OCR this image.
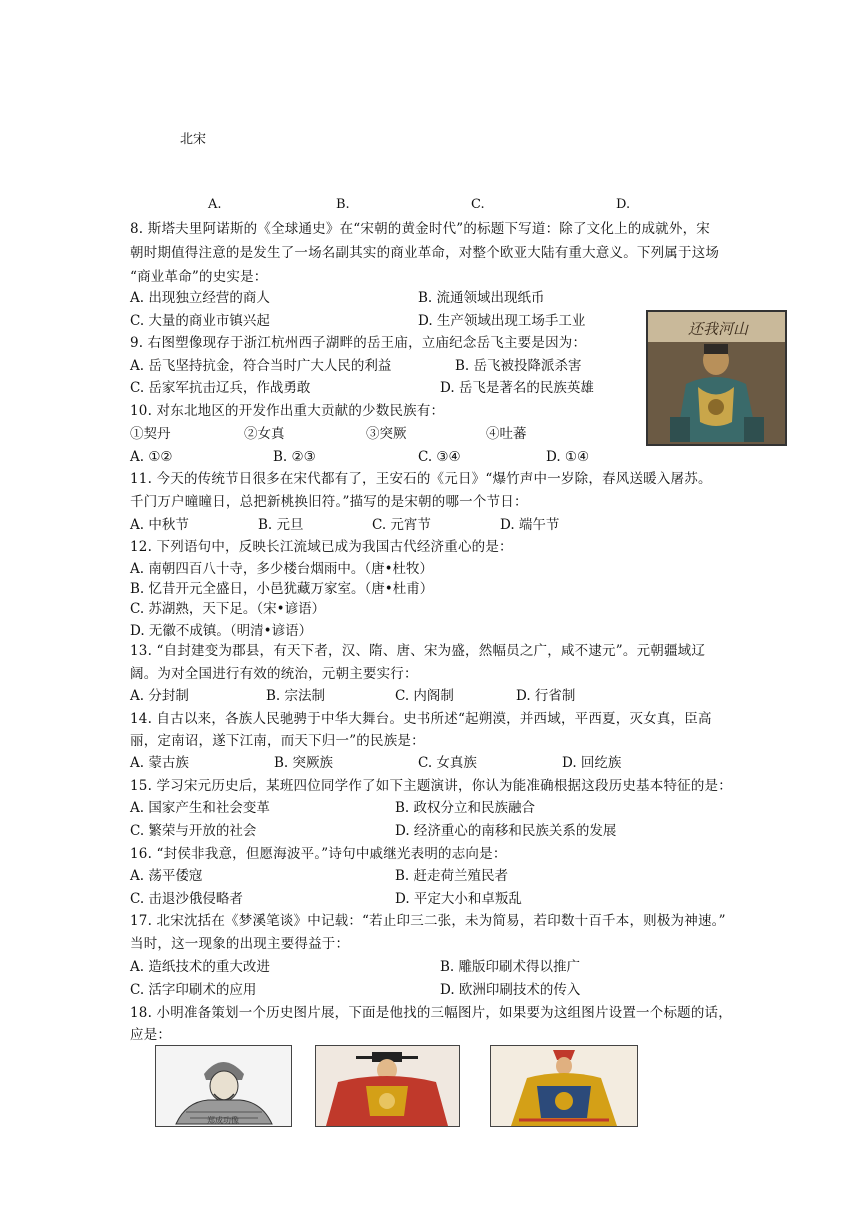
北宋
A.	B.	C.	D.
8. 斯塔夫里阿诺斯的《全球通史》在“宋朝的黄金时代”的标题下写道：除了文化上的成就外，宋
朝时期值得注意的是发生了一场名副其实的商业革命，对整个欧亚大陆有重大意义。下列属于这场
“商业革命”的史实是：
A. 出现独立经营的商人	B. 流通领域出现纸币
C. 大量的商业市镇兴起	D. 生产领域出现工场手工业
9. 右图塑像现存于浙江杭州西子湖畔的岳王庙，立庙纪念岳飞主要是因为：
A. 岳飞坚持抗金，符合当时广大人民的利益	B. 岳飞被投降派杀害
C. 岳家军抗击辽兵，作战勇敢	D. 岳飞是著名的民族英雄
还我河山
10. 对东北地区的开发作出重大贡献的少数民族有：
①契丹	②女真	③突厥	④吐蕃
A. ①②	B. ②③	C. ③④	D. ①④
11. 今天的传统节日很多在宋代都有了，王安石的《元日》“爆竹声中一岁除，春风送暖入屠苏。
千门万户曈曈日，总把新桃换旧符。”描写的是宋朝的哪一个节日：
A. 中秋节	B. 元旦	C. 元宵节	D. 端午节
12. 下列语句中，反映长江流域已成为我国古代经济重心的是：
A. 南朝四百八十寺，多少楼台烟雨中。（唐•杜牧）
B. 忆昔开元全盛日，小邑犹藏万家室。（唐•杜甫）
C. 苏湖熟，天下足。（宋•谚语）
D. 无徽不成镇。（明清•谚语）
13. “自封建变为郡县，有天下者，汉、隋、唐、宋为盛，然幅员之广，咸不逮元”。元朝疆域辽
阔。为对全国进行有效的统治，元朝主要实行：
A. 分封制	B. 宗法制	C. 内阁制	D. 行省制
14. 自古以来，各族人民驰骋于中华大舞台。史书所述“起朔漠，并西域，平西夏，灭女真，臣高
丽，定南诏，遂下江南，而天下归一”的民族是：
A. 蒙古族	B. 突厥族	C. 女真族	D. 回纥族
15. 学习宋元历史后，某班四位同学作了如下主题演讲，你认为能准确根据这段历史基本特征的是：
A. 国家产生和社会变革	B. 政权分立和民族融合
C. 繁荣与开放的社会	D. 经济重心的南移和民族关系的发展
16. “封侯非我意，但愿海波平。”诗句中戚继光表明的志向是：
A. 荡平倭寇	B. 赶走荷兰殖民者
C. 击退沙俄侵略者	D. 平定大小和卓叛乱
17. 北宋沈括在《梦溪笔谈》中记载：“若止印三二张，未为简易，若印数十百千本，则极为神速。”
当时，这一现象的出现主要得益于：
A. 造纸技术的重大改进	B. 雕版印刷术得以推广
C. 活字印刷术的应用	D. 欧洲印刷技术的传入
18. 小明准备策划一个历史图片展，下面是他找的三幅图片，如果要为这组图片设置一个标题的话，
应是：
郑成功像
